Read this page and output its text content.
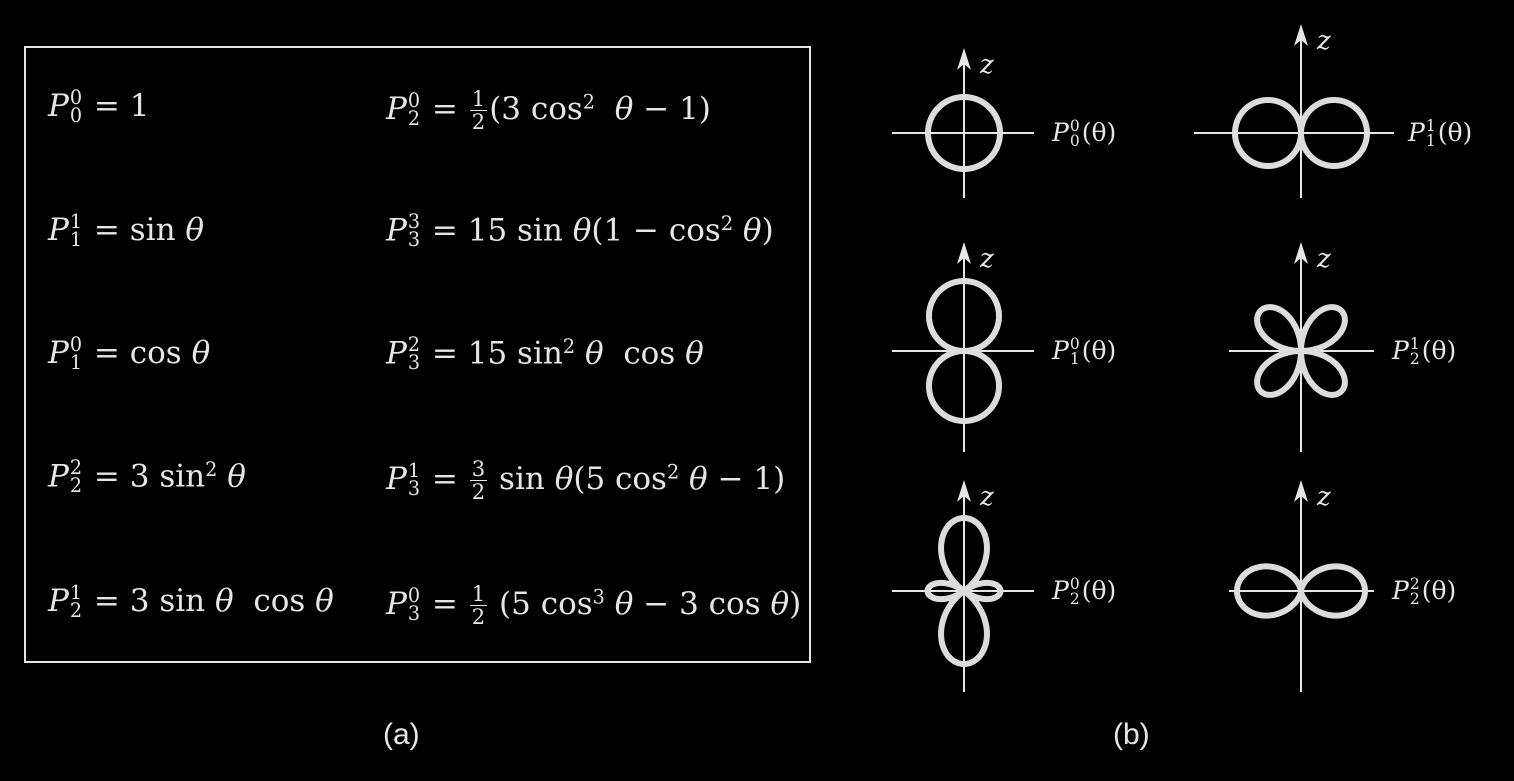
P 0
0 = 1
P 1
1 = sin θ
P 0
1 = cos θ
P 2
2 = 3 $\sin^2 \theta$
P 1
2 = 3 sin θ  cos θ
P 0
$2 = \frac{1}{2} (3$ $\cos^2 \theta - 1$)
P 3
3 = 15 $\sin \theta(1 - \cos^2 \theta)$
P 2
3 = 15 $\sin^2 \theta$  cos θ
P 1
$3 = \frac{3}{2}$ sin θ(5 $\cos^2 \theta - 1$)
P 0
$3 = \frac{1}{2} (5$ $\cos^3 \theta - 3$ cos θ)
(a)	(b)
z
P 0
0 (θ)
z
P 1
1 (θ)
z
P 0
1 (θ)
z
P 1
2 (θ)
z
P 0
2 (θ)
z
P 2
2 (θ)
